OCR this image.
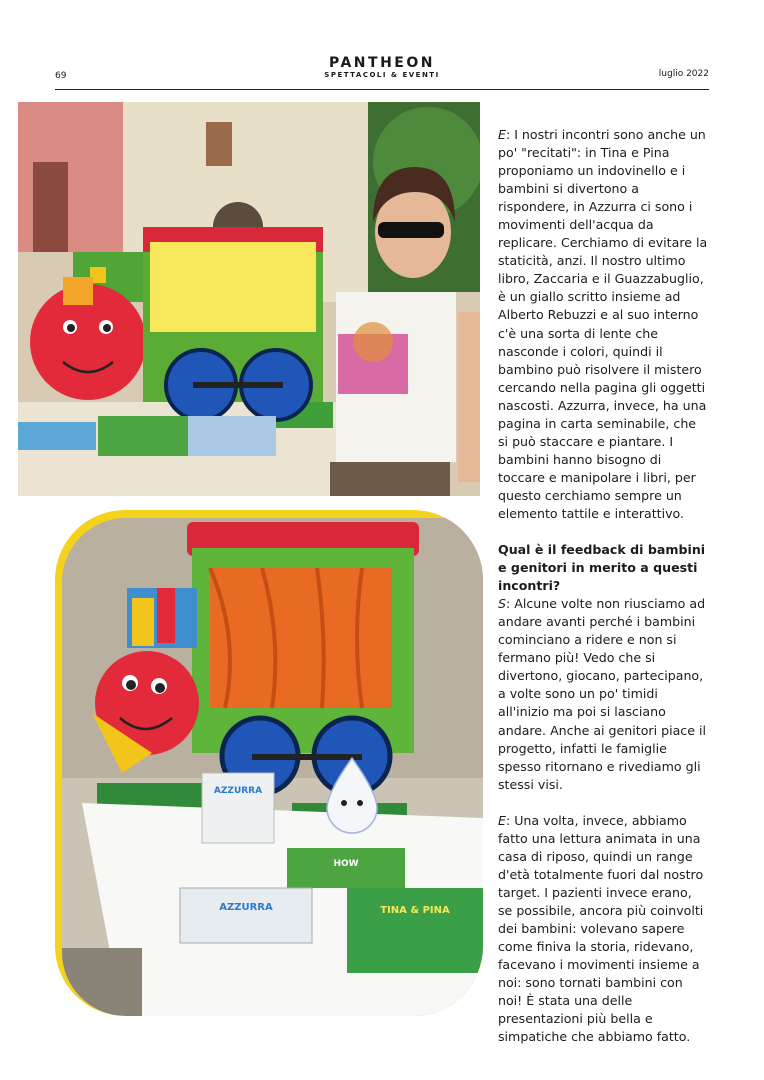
69
PANTHEON
SPETTACOLI & EVENTI	luglio 2022
AZZURRA
HOW
AZZURRA	TINA & PINA

E: I nostri incontri sono anche un po' "recitati": in Tina e Pina proponiamo un indovinello e i bambini si divertono a rispondere, in Azzurra ci sono i movimenti dell'acqua da replicare. Cerchiamo di evitare la staticità, anzi. Il nostro ultimo libro, Zaccaria e il Guazzabuglio, è un giallo scritto insieme ad Alberto Rebuzzi e al suo interno c'è una sorta di lente che nasconde i colori, quindi il bambino può risolvere il mistero cercando nella pagina gli oggetti nascosti. Azzurra, invece, ha una pagina in carta seminabile, che si può staccare e piantare. I bambini hanno bisogno di toccare e manipolare i libri, per questo cerchiamo sempre un elemento tattile e interattivo.

Qual è il feedback di bambini e genitori in merito a questi incontri?
S: Alcune volte non riusciamo ad andare avanti perché i bambini cominciano a ridere e non si fermano più! Vedo che si divertono, giocano, partecipano, a volte sono un po' timidi all'inizio ma poi si lasciano andare. Anche ai genitori piace il progetto, infatti le famiglie spesso ritornano e rivediamo gli stessi visi.

E: Una volta, invece, abbiamo fatto una lettura animata in una casa di riposo, quindi un range d'età totalmente fuori dal nostro target. I pazienti invece erano, se possibile, ancora più coinvolti dei bambini: volevano sapere come finiva la storia, ridevano, facevano i movimenti insieme a noi: sono tornati bambini con noi! È stata una delle presentazioni più bella e simpatiche che abbiamo fatto.
